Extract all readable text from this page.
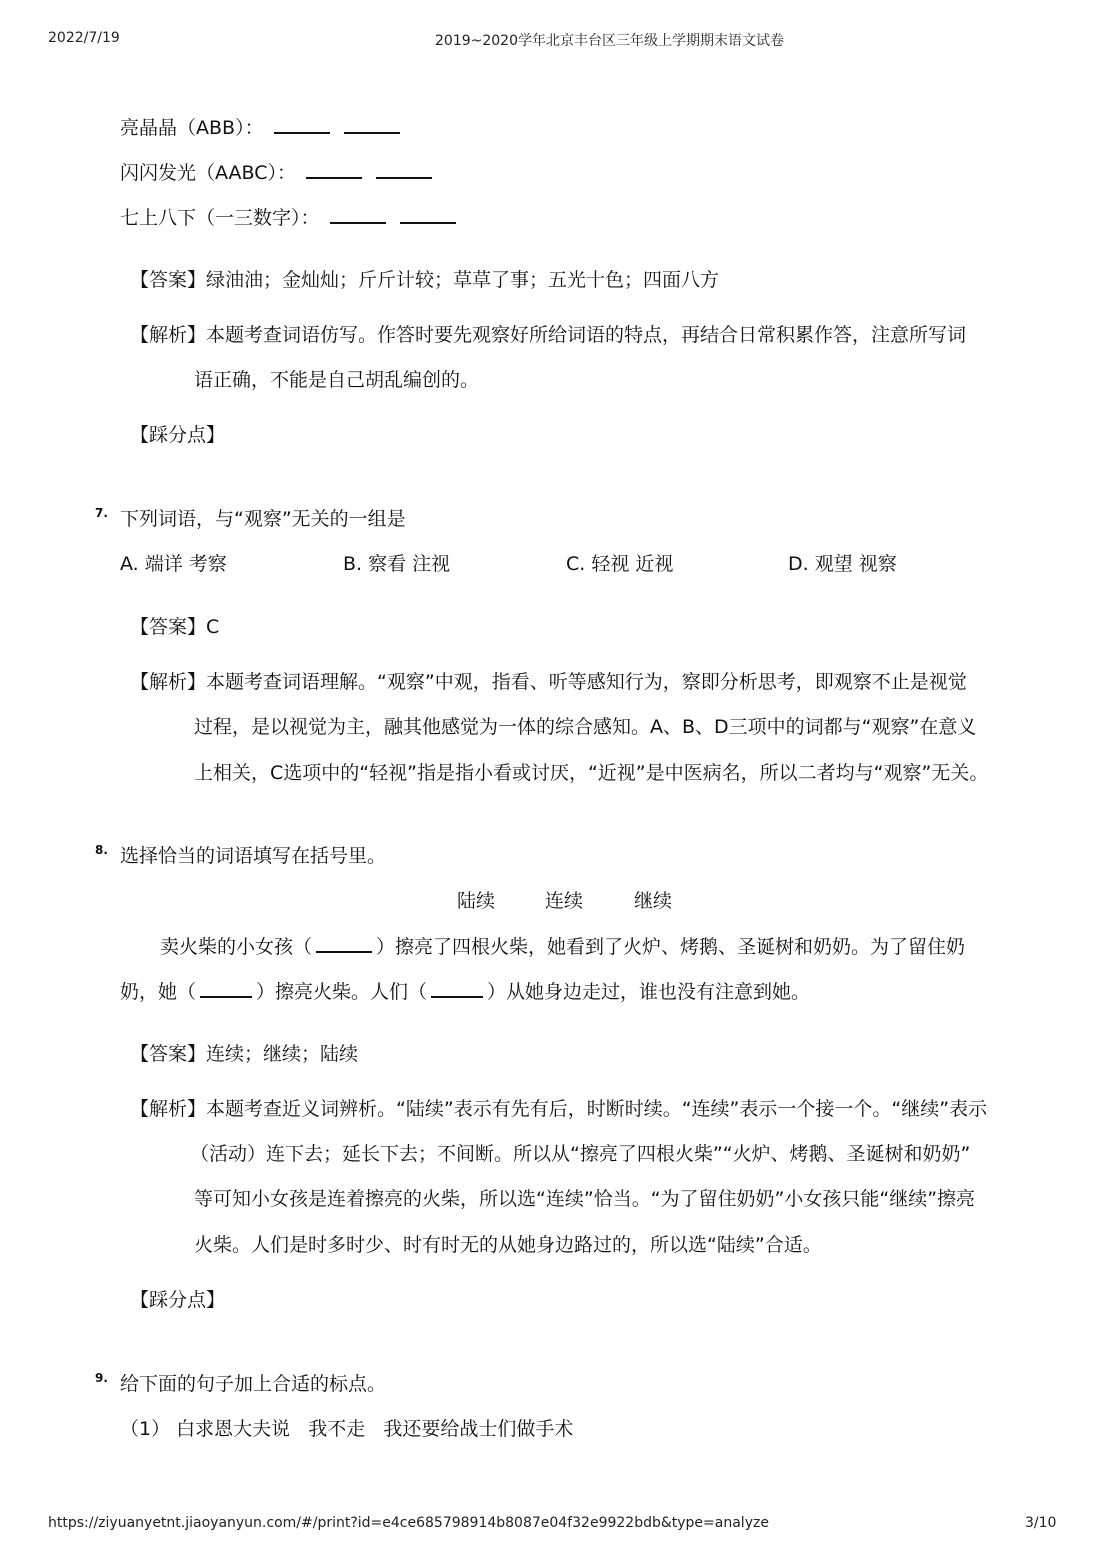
2022/7/19	2019~2020学年北京丰台区三年级上学期期末语文试卷
亮晶晶（ABB）：
闪闪发光（AABC）：
七上八下（一三数字）：
【答案】绿油油；金灿灿；斤斤计较；草草了事；五光十色；四面八方
【解析】本题考查词语仿写。作答时要先观察好所给词语的特点，再结合日常积累作答，注意所写词
语正确，不能是自己胡乱编创的。
【踩分点】
7. 下列词语，与“观察”无关的一组是
A. 端详 考察	B. 察看 注视	C. 轻视 近视	D. 观望 视察
【答案】C
【解析】本题考查词语理解。“观察”中观，指看、听等感知行为，察即分析思考，即观察不止是视觉
过程，是以视觉为主，融其他感觉为一体的综合感知。A、B、D三项中的词都与“观察”在意义
上相关，C选项中的“轻视”指是指小看或讨厌，“近视”是中医病名，所以二者均与“观察”无关。
8. 选择恰当的词语填写在括号里。
陆续	连续	继续
卖火柴的小女孩（	）擦亮了四根火柴，她看到了火炉、烤鹅、圣诞树和奶奶。为了留住奶
奶，她（	）擦亮火柴。人们（	）从她身边走过，谁也没有注意到她。
【答案】连续；继续；陆续
【解析】本题考查近义词辨析。“陆续”表示有先有后，时断时续。“连续”表示一个接一个。“继续”表示
（活动）连下去；延长下去；不间断。所以从“擦亮了四根火柴”“火炉、烤鹅、圣诞树和奶奶”
等可知小女孩是连着擦亮的火柴，所以选“连续”恰当。“为了留住奶奶”小女孩只能“继续”擦亮
火柴。人们是时多时少、时有时无的从她身边路过的，所以选“陆续”合适。
【踩分点】
9. 给下面的句子加上合适的标点。
（1） 白求恩大夫说   我不走   我还要给战士们做手术
https://ziyuanyetnt.jiaoyanyun.com/#/print?id=e4ce685798914b8087e04f32e9922bdb&type=analyze	3/10
